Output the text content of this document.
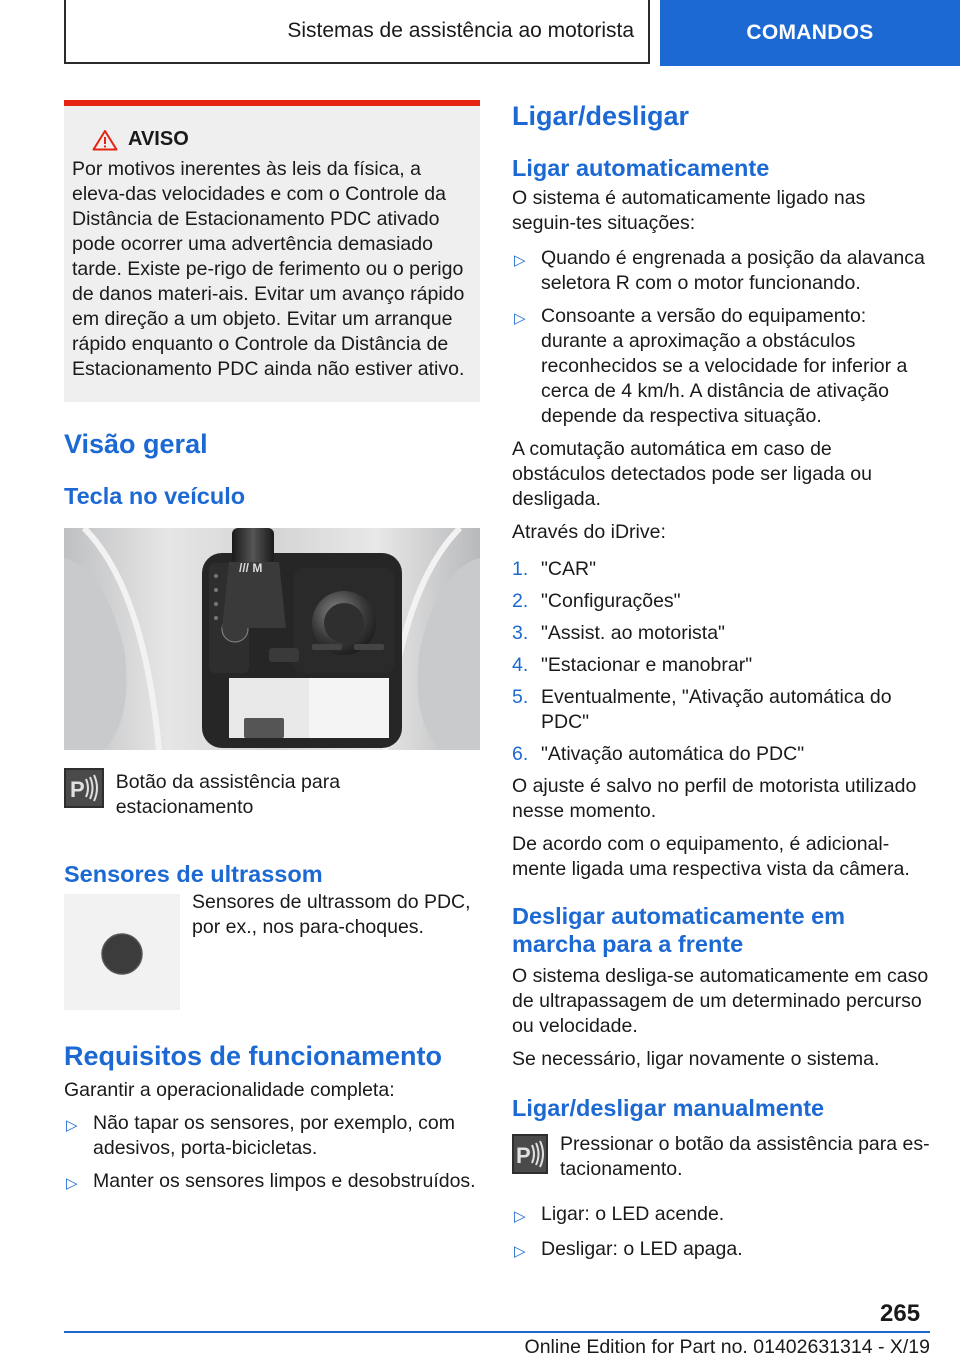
Sistemas de assistência ao motorista	COMANDOS
AVISO

Por motivos inerentes às leis da física, a eleva-das velocidades e com o Controle da Distância de Estacionamento PDC ativado pode ocorrer uma advertência demasiado tarde. Existe pe-rigo de ferimento ou o perigo de danos materi-ais. Evitar um avanço rápido em direção a um objeto. Evitar um arranque rápido enquanto o Controle da Distância de Estacionamento PDC ainda não estiver ativo.

Visão geral
Tecla no veículo
/// M
P Botão da assistência para estacionamento

Sensores de ultrassom

Sensores de ultrassom do PDC, por ex., nos para-choques.

Requisitos de funcionamento

Garantir a operacionalidade completa:

▷ Não tapar os sensores, por exemplo, com adesivos, porta-bicicletas.
▷ Manter os sensores limpos e desobstruídos.
Ligar/desligar
Ligar automaticamente

O sistema é automaticamente ligado nas seguin-tes situações:

▷ Quando é engrenada a posição da alavanca seletora R com o motor funcionando.
▷ Consoante a versão do equipamento: durante a aproximação a obstáculos reconhecidos se a velocidade for inferior a cerca de 4 km/h. A distância de ativação depende da respectiva situação.

A comutação automática em caso de obstáculos detectados pode ser ligada ou desligada.

Através do iDrive:

1. "CAR"
2. "Configurações"
3. "Assist. ao motorista"
4. "Estacionar e manobrar"
5. Eventualmente, "Ativação automática do PDC"
6. "Ativação automática do PDC"

O ajuste é salvo no perfil de motorista utilizado nesse momento.

De acordo com o equipamento, é adicional-mente ligada uma respectiva vista da câmera.

Desligar automaticamente em marcha para a frente

O sistema desliga-se automaticamente em caso de ultrapassagem de um determinado percurso ou velocidade.

Se necessário, ligar novamente o sistema.

Ligar/desligar manualmente
P Pressionar o botão da assistência para es-tacionamento.

▷ Ligar: o LED acende.
▷ Desligar: o LED apaga.
265
Online Edition for Part no. 01402631314 - X/19
